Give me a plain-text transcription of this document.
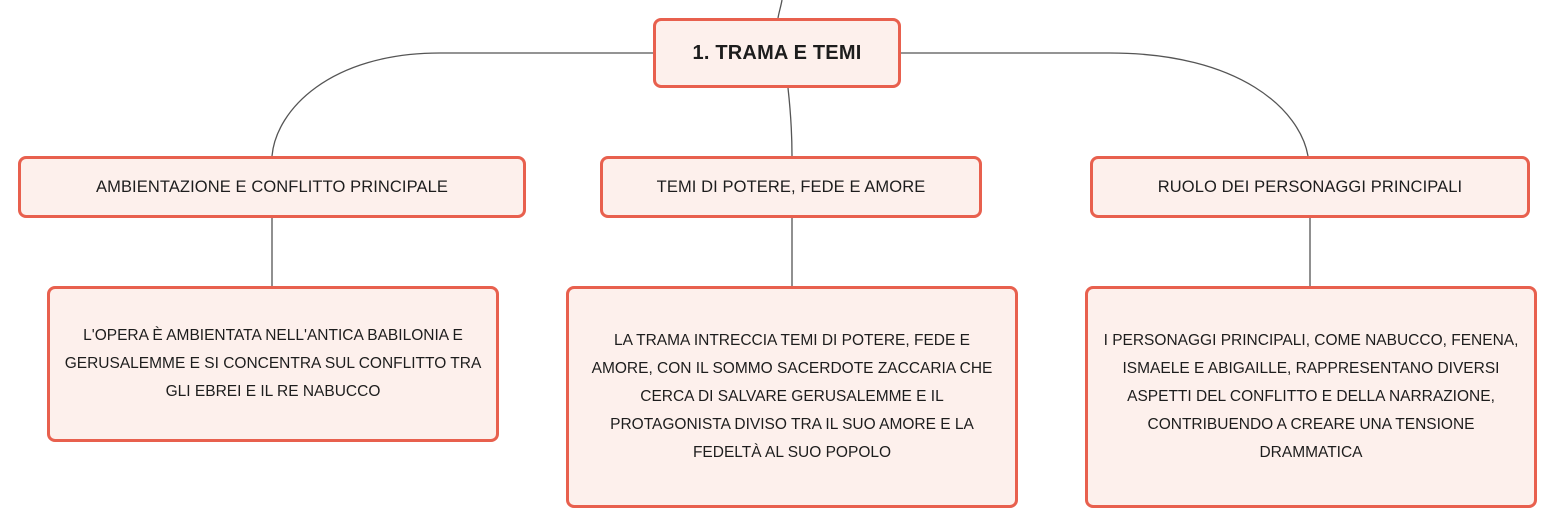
1. TRAMA E TEMI
AMBIENTAZIONE E CONFLITTO PRINCIPALE	TEMI DI POTERE, FEDE E AMORE	RUOLO DEI PERSONAGGI PRINCIPALI
L'OPERA È AMBIENTATA NELL'ANTICA BABILONIA E GERUSALEMME E SI CONCENTRA SUL CONFLITTO TRA GLI EBREI E IL RE NABUCCO
LA TRAMA INTRECCIA TEMI DI POTERE, FEDE E AMORE, CON IL SOMMO SACERDOTE ZACCARIA CHE CERCA DI SALVARE GERUSALEMME E IL PROTAGONISTA DIVISO TRA IL SUO AMORE E LA FEDELTÀ AL SUO POPOLO
I PERSONAGGI PRINCIPALI, COME NABUCCO, FENENA, ISMAELE E ABIGAILLE, RAPPRESENTANO DIVERSI ASPETTI DEL CONFLITTO E DELLA NARRAZIONE, CONTRIBUENDO A CREARE UNA TENSIONE DRAMMATICA
